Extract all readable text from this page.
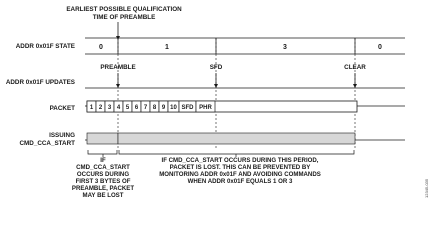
EARLIEST POSSIBLE QUALIFICATION
TIME OF PREAMBLE
ADDR 0x01F STATE
ADDR 0x01F UPDATES
PACKET
ISSUING
CMD_CCA_START
0	1	3	0
PREAMBLE	SFD	CLEAR
1 2 3 4 5 6 7 8 9 10 SFD PHR
IF
CMD_CCA_START
OCCURS DURING
FIRST 3 BYTES OF
PREAMBLE, PACKET
MAY BE LOST
IF CMD_CCA_START OCCURS DURING THIS PERIOD,
PACKET IS LOST. THIS CAN BE PREVENTED BY
MONITORING ADDR 0x01F AND AVOIDING COMMANDS
WHEN ADDR 0x01F EQUALS 1 OR 3	12345-035
